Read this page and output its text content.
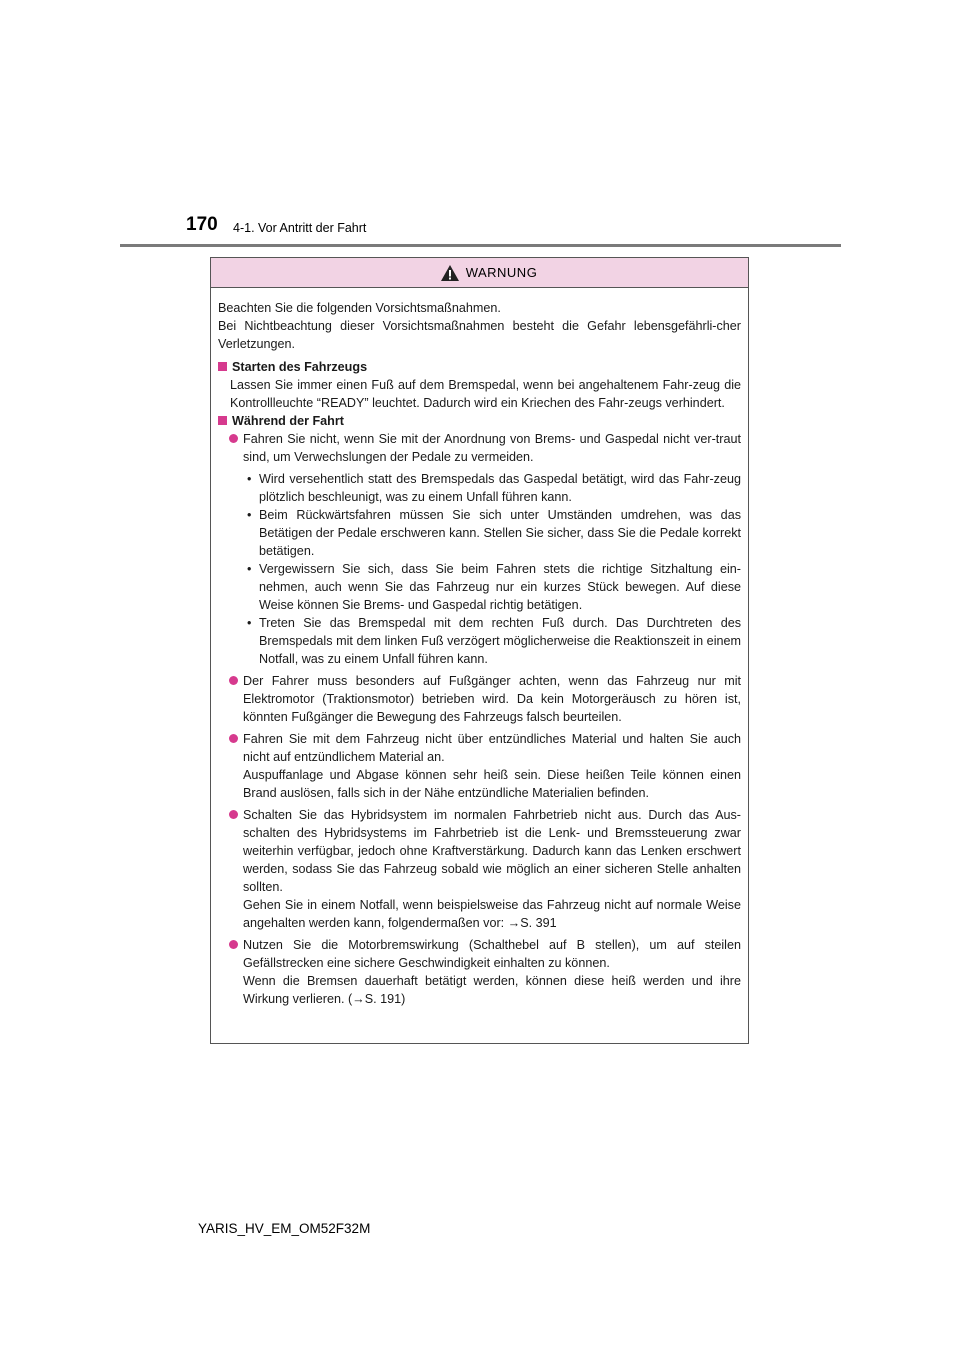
170 4-1. Vor Antritt der Fahrt
WARNUNG

Beachten Sie die folgenden Vorsichtsmaßnahmen.

Bei Nichtbeachtung dieser Vorsichtsmaßnahmen besteht die Gefahr lebensgefährli-cher Verletzungen.

Starten des Fahrzeugs

Lassen Sie immer einen Fuß auf dem Bremspedal, wenn bei angehaltenem Fahr-zeug die Kontrollleuchte “READY” leuchtet. Dadurch wird ein Kriechen des Fahr-zeugs verhindert.

Während der Fahrt

Fahren Sie nicht, wenn Sie mit der Anordnung von Brems- und Gaspedal nicht ver-traut sind, um Verwechslungen der Pedale zu vermeiden.

• Wird versehentlich statt des Bremspedals das Gaspedal betätigt, wird das Fahr-zeug plötzlich beschleunigt, was zu einem Unfall führen kann.

• Beim Rückwärtsfahren müssen Sie sich unter Umständen umdrehen, was das Betätigen der Pedale erschweren kann. Stellen Sie sicher, dass Sie die Pedale korrekt betätigen.

• Vergewissern Sie sich, dass Sie beim Fahren stets die richtige Sitzhaltung ein-nehmen, auch wenn Sie das Fahrzeug nur ein kurzes Stück bewegen. Auf diese Weise können Sie Brems- und Gaspedal richtig betätigen.

• Treten Sie das Bremspedal mit dem rechten Fuß durch. Das Durchtreten des Bremspedals mit dem linken Fuß verzögert möglicherweise die Reaktionszeit in einem Notfall, was zu einem Unfall führen kann.

Der Fahrer muss besonders auf Fußgänger achten, wenn das Fahrzeug nur mit Elektromotor (Traktionsmotor) betrieben wird. Da kein Motorgeräusch zu hören ist, könnten Fußgänger die Bewegung des Fahrzeugs falsch beurteilen.

Fahren Sie mit dem Fahrzeug nicht über entzündliches Material und halten Sie auch nicht auf entzündlichem Material an.

Auspuffanlage und Abgase können sehr heiß sein. Diese heißen Teile können einen Brand auslösen, falls sich in der Nähe entzündliche Materialien befinden.

Schalten Sie das Hybridsystem im normalen Fahrbetrieb nicht aus. Durch das Aus-schalten des Hybridsystems im Fahrbetrieb ist die Lenk- und Bremssteuerung zwar weiterhin verfügbar, jedoch ohne Kraftverstärkung. Dadurch kann das Lenken erschwert werden, sodass Sie das Fahrzeug sobald wie möglich an einer sicheren Stelle anhalten sollten.

Gehen Sie in einem Notfall, wenn beispielsweise das Fahrzeug nicht auf normale Weise angehalten werden kann, folgendermaßen vor: →S. 391

Nutzen Sie die Motorbremswirkung (Schalthebel auf B stellen), um auf steilen Gefällstrecken eine sichere Geschwindigkeit einhalten zu können.

Wenn die Bremsen dauerhaft betätigt werden, können diese heiß werden und ihre Wirkung verlieren. (→S. 191)

YARIS_HV_EM_OM52F32M
